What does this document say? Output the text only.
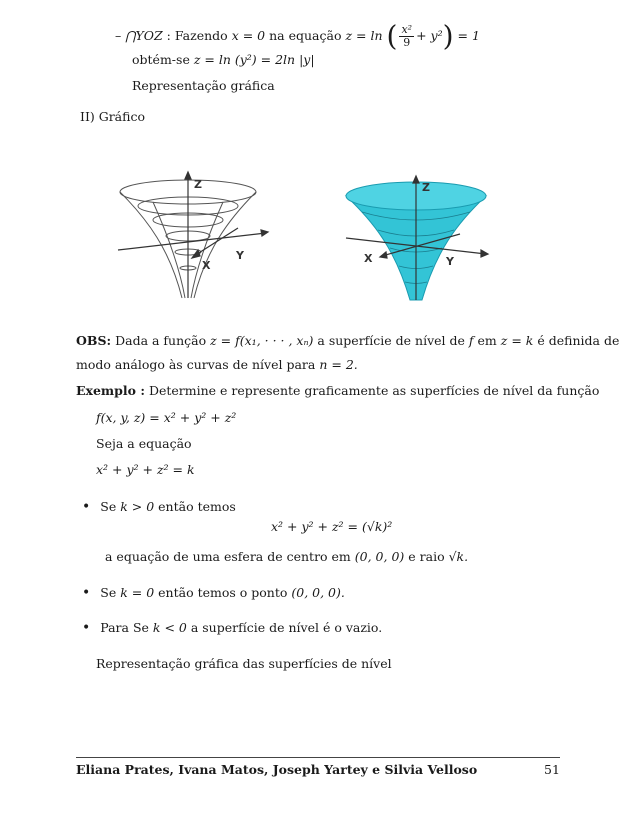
– ⋂YOZ : Fazendo x = 0 na equação z = ln ( $\frac{\text{x²}}{9} + y^2) = 1$
obtém-se z = ln (y²) = 2ln |y|
Representação gráfica
II) Gráfico
Z
Y
X
Z
X	Y
OBS: Dada a função z = f(x₁, · · · , xₙ) a superfície de nível de f em z = k é definida de
modo análogo às curvas de nível para n = 2.
Exemplo : Determine e represente graficamente as superfícies de nível da função
f(x, y, z) = x² + y² + z²
Seja a equação
x² + y² + z² = k
• Se k > 0 então temos
x² + y² + z² = (√k)²
a equação de uma esfera de centro em (0, 0, 0) e raio √k.
• Se k = 0 então temos o ponto (0, 0, 0).
• Para Se k < 0 a superfície de nível é o vazio.
Representação gráfica das superfícies de nível
Eliana Prates, Ivana Matos, Joseph Yartey e Silvia Velloso	51
